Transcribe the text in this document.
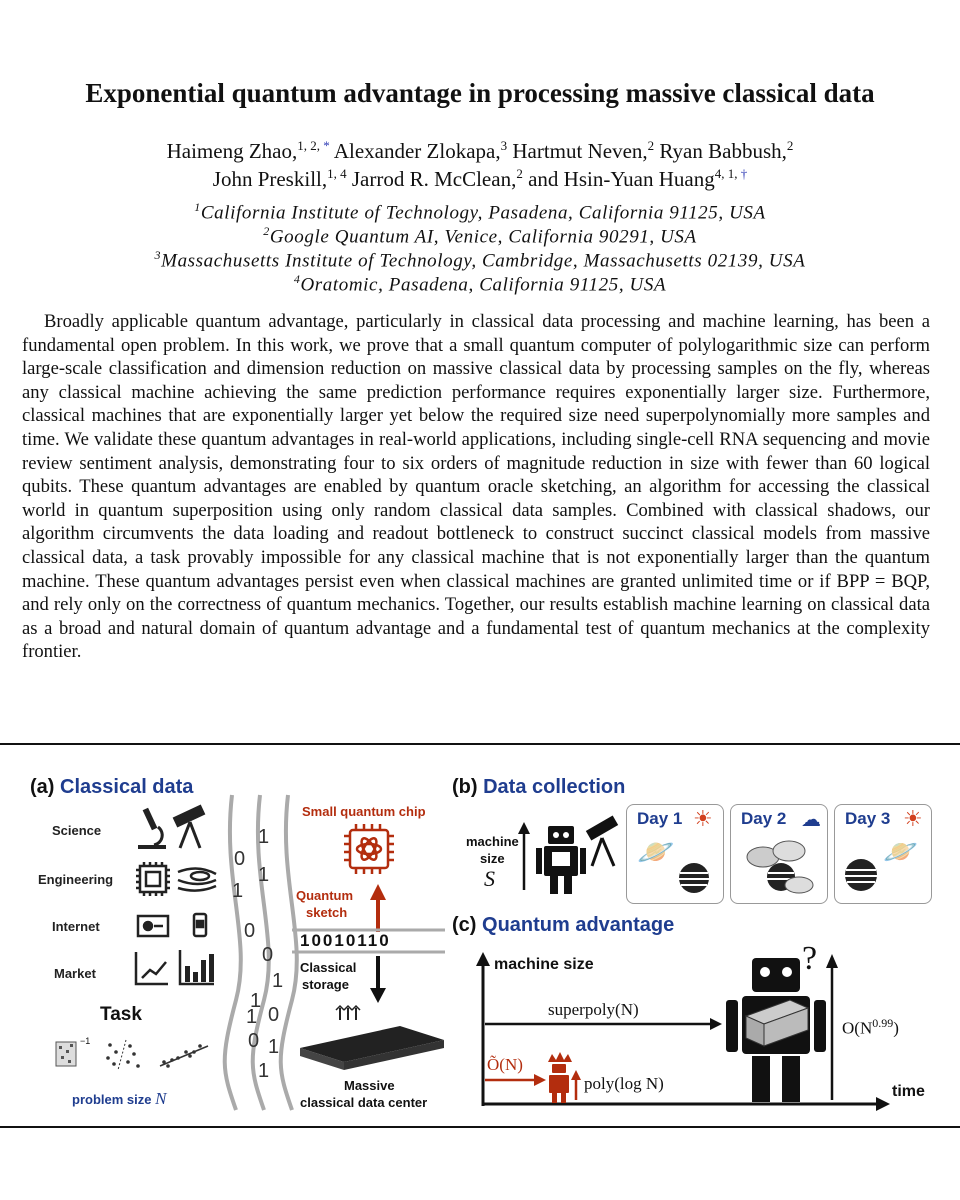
Exponential quantum advantage in processing massive classical data
Haimeng Zhao,$^{1, 2,}$ * Alexander Zlokapa,$^3$ Hartmut Neven,$^2$ Ryan Babbush,$^2$
John Preskill,$^{1, 4}$ Jarrod R. McClean,$^2$ and Hsin-Yuan Huang$^{4, 1,}$ †
$^1$California Institute of Technology, Pasadena, California 91125, USA
$^2$Google Quantum AI, Venice, California 90291, USA
$^3$Massachusetts Institute of Technology, Cambridge, Massachusetts 02139, USA
$^4$Oratomic, Pasadena, California 91125, USA
Broadly applicable quantum advantage, particularly in classical data processing and machine learning, has been a fundamental open problem. In this work, we prove that a small quantum computer of polylogarithmic size can perform large-scale classification and dimension reduction on massive classical data by processing samples on the fly, whereas any classical machine achieving the same prediction performance requires exponentially larger size. Furthermore, classical machines that are exponentially larger yet below the required size need superpolynomially more samples and time. We validate these quantum advantages in real-world applications, including single-cell RNA sequencing and movie review sentiment analysis, demonstrating four to six orders of magnitude reduction in size with fewer than 60 logical qubits. These quantum advantages are enabled by quantum oracle sketching, an algorithm for accessing the classical world in quantum superposition using only random classical data samples. Combined with classical shadows, our algorithm circumvents the data loading and readout bottleneck to construct succinct classical models from massive classical data, a task provably impossible for any classical machine that is not exponentially larger than the quantum machine. These quantum advantages persist even when classical machines are granted unlimited time or if BPP = BQP, and rely only on the correctness of quantum mechanics. Together, our results establish machine learning on classical data as a broad and natural domain of quantum advantage and a fundamental test of quantum mechanics at the complexity frontier.
(a) Classical data
Science
Engineering
Internet
Market
Task
−1
problem size N
0
1
0
1
0
1
1
1
0
1
0
1
1
Small quantum chip
Quantum
sketch
10010110
Classical
storage
Massive
classical data center
(b) Data collection
machine
size
S
Day 1 ☀
🪐
Day 2 ☁ Day 3 ☀
🪐
(c) Quantum advantage
machine size
time
superpoly(N)
Õ(N)
poly(log N)
$O(N^{0.99})$
?
